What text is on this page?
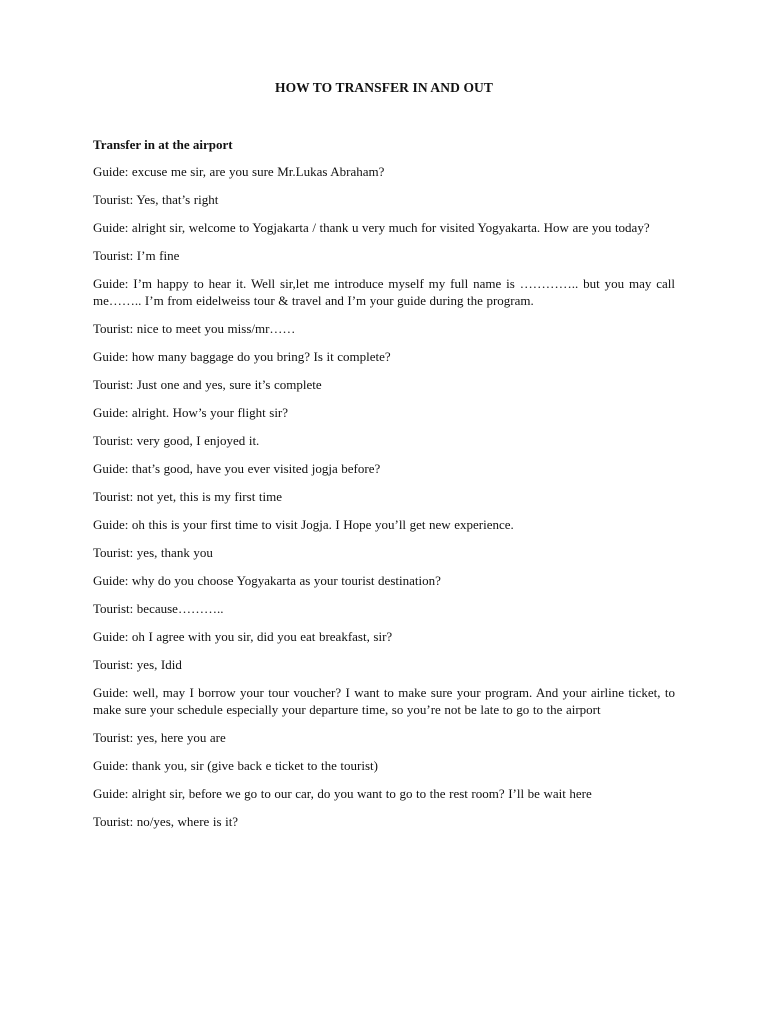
HOW TO TRANSFER IN AND OUT
Transfer in at the airport
Guide: excuse me sir, are you sure Mr.Lukas Abraham?
Tourist: Yes, that’s right
Guide: alright sir, welcome to Yogjakarta / thank u very much for visited Yogyakarta. How are you today?
Tourist: I’m fine
Guide: I’m happy to hear it. Well sir,let me introduce myself my full name is ………….. but you may call me…….. I’m from eidelweiss tour & travel and I’m your guide during the program.
Tourist: nice to meet you miss/mr……
Guide: how many baggage do you bring? Is it complete?
Tourist: Just one and yes, sure it’s complete
Guide: alright. How’s your flight sir?
Tourist: very good, I enjoyed it.
Guide: that’s good, have you ever visited jogja before?
Tourist: not yet, this is my first time
Guide: oh this is your first time to visit Jogja. I Hope you’ll get new experience.
Tourist: yes, thank you
Guide: why do you choose Yogyakarta as your tourist destination?
Tourist: because………..
Guide: oh I agree with you sir, did you eat breakfast, sir?
Tourist: yes, Idid
Guide: well, may I borrow your tour voucher? I want to make sure your program. And your airline ticket, to make sure your schedule especially your departure time, so you’re not be late to go to the airport
Tourist: yes, here you are
Guide: thank you, sir (give back e ticket to the tourist)
Guide: alright sir, before we go to our car, do you want to go to the rest room? I’ll be wait here
Tourist: no/yes, where is it?
